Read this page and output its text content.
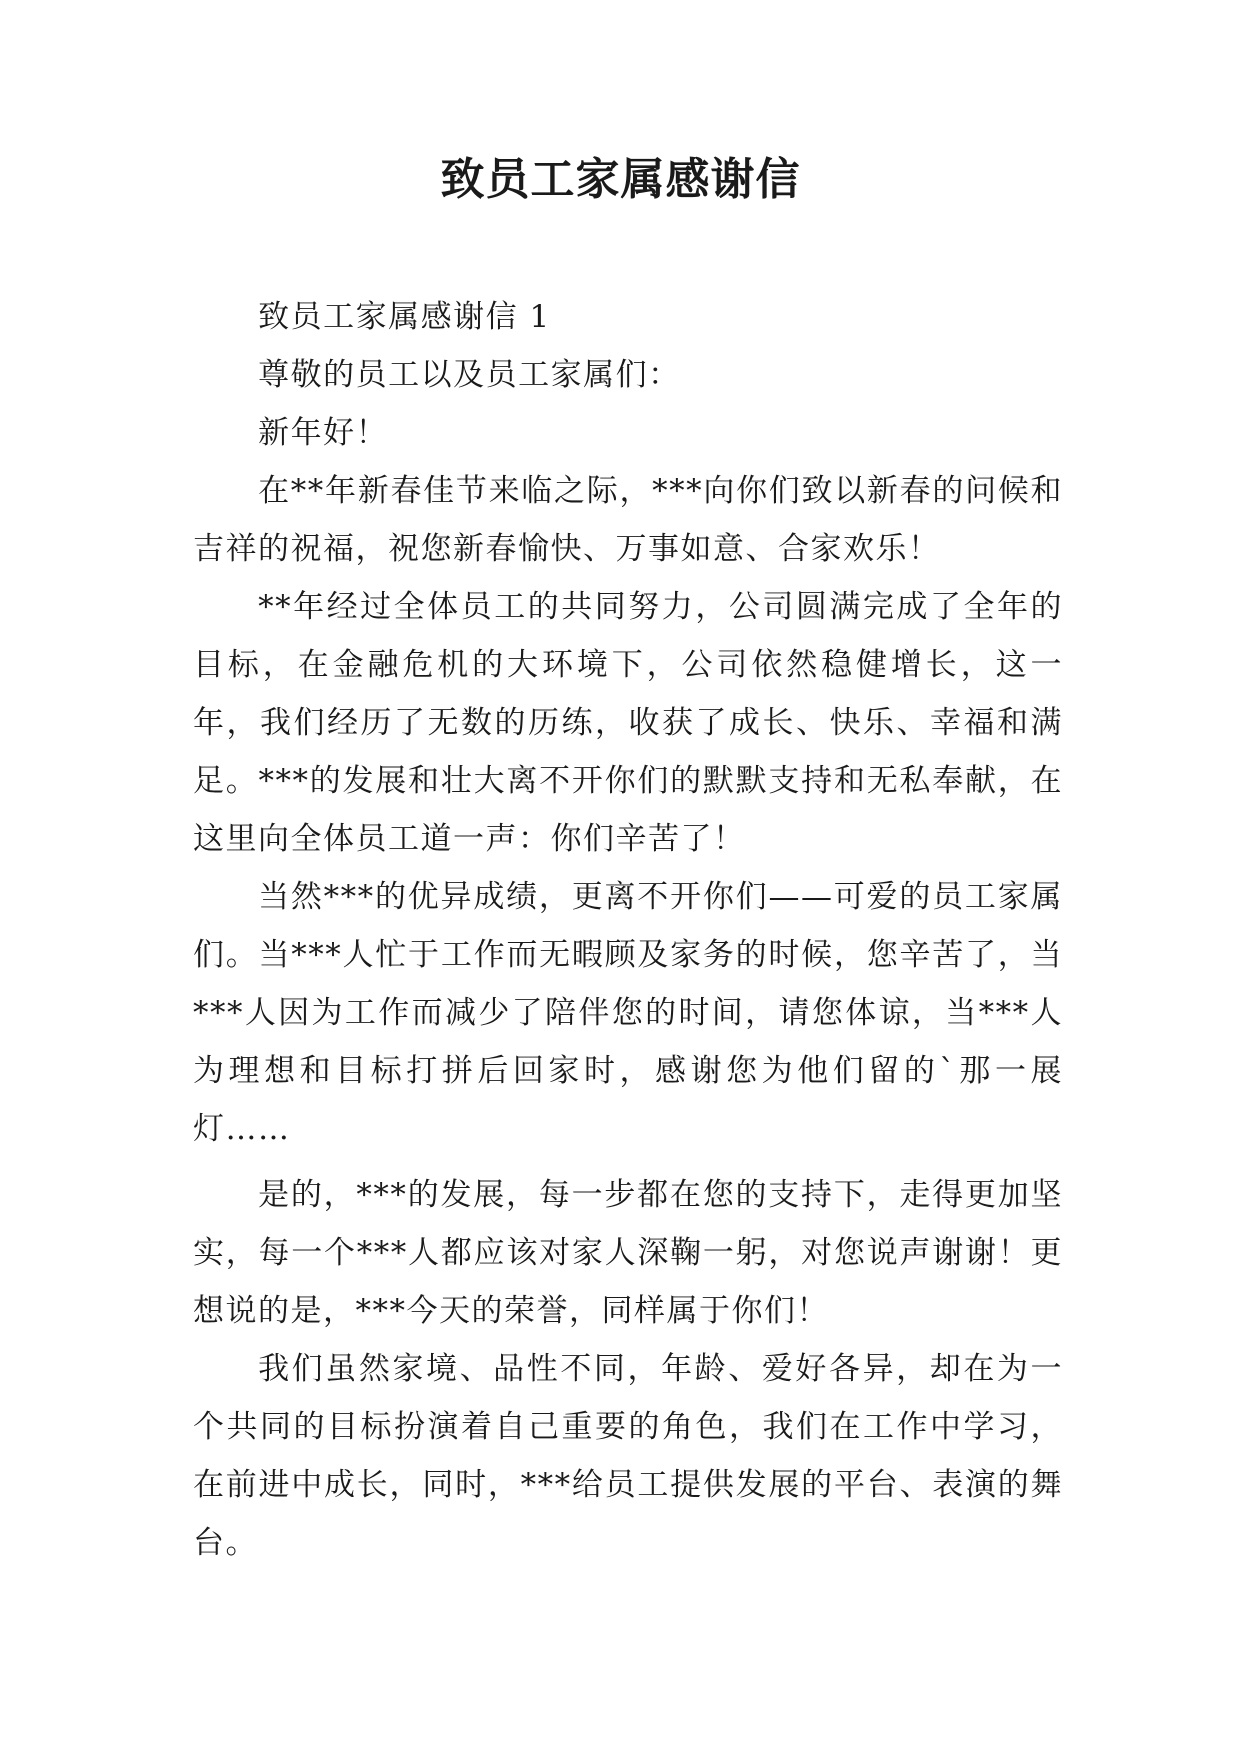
致员工家属感谢信

致员工家属感谢信 1

尊敬的员工以及员工家属们：

新年好！

在**年新春佳节来临之际，***向你们致以新春的问候和吉祥的祝福，祝您新春愉快、万事如意、合家欢乐！

**年经过全体员工的共同努力，公司圆满完成了全年的目标，在金融危机的大环境下，公司依然稳健增长，这一年，我们经历了无数的历练，收获了成长、快乐、幸福和满足。***的发展和壮大离不开你们的默默支持和无私奉献，在这里向全体员工道一声：你们辛苦了！

当然***的优异成绩，更离不开你们——可爱的员工家属们。当***人忙于工作而无暇顾及家务的时候，您辛苦了，当***人因为工作而减少了陪伴您的时间，请您体谅，当***人为理想和目标打拼后回家时，感谢您为他们留的`那一展灯……

是的，***的发展，每一步都在您的支持下，走得更加坚实，每一个***人都应该对家人深鞠一躬，对您说声谢谢！更想说的是，***今天的荣誉，同样属于你们！

我们虽然家境、品性不同，年龄、爱好各异，却在为一个共同的目标扮演着自己重要的角色，我们在工作中学习，在前进中成长，同时，***给员工提供发展的平台、表演的舞台。
